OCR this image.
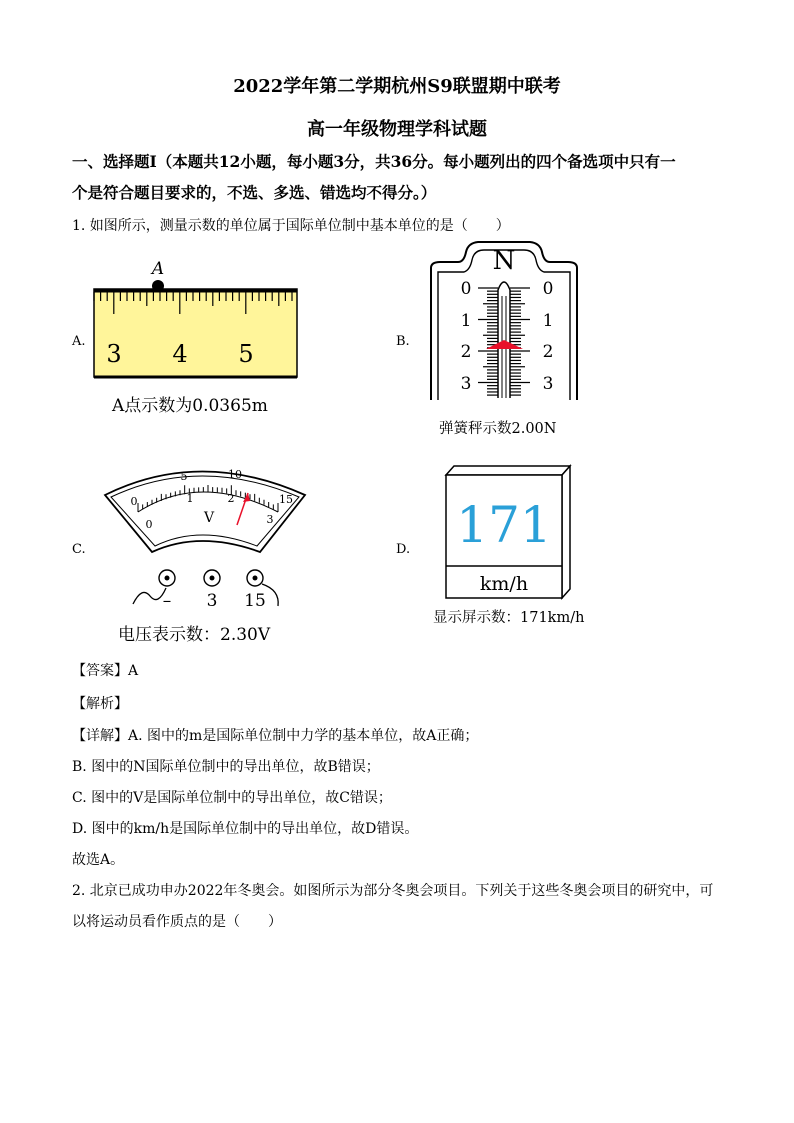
2022学年第二学期杭州S9联盟期中联考
高一年级物理学科试题
一、选择题Ⅰ（本题共12小题，每小题3分，共36分。每小题列出的四个备选项中只有一
个是符合题目要求的，不选、多选、错选均不得分。）
1. 如图所示，测量示数的单位属于国际单位制中基本单位的是（　　）
A.	B.
C.	D.
A
3 4 5
A点示数为0.0365m
N
0
1
2
3
0
1
2
3
弹簧秤示数2.00N
0
5	10
15
0
1	2
3
V
– 3 15
电压表示数：2.30V
171
km/h
显示屏示数：171km/h
【答案】A
【解析】
【详解】A. 图中的m是国际单位制中力学的基本单位，故A正确；
B. 图中的N国际单位制中的导出单位，故B错误；
C. 图中的V是国际单位制中的导出单位，故C错误；
D. 图中的km/h是国际单位制中的导出单位，故D错误。
故选A。
2. 北京已成功申办2022年冬奥会。如图所示为部分冬奥会项目。下列关于这些冬奥会项目的研究中，可
以将运动员看作质点的是（　　）
